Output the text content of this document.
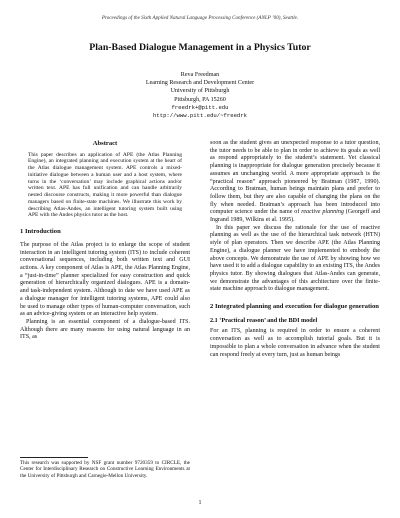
Proceedings of the Sixth Applied Natural Language Processing Conference (ANLP ’00), Seattle.
Plan-Based Dialogue Management in a Physics Tutor
Reva Freedman
Learning Research and Development Center
University of Pittsburgh
Pittsburgh, PA 15260
freedrk+@pitt.edu
http://www.pitt.edu/~freedrk
Abstract

This paper describes an application of APE (the Atlas Planning Engine), an integrated planning and execution system at the heart of the Atlas dialogue management system. APE controls a mixed-initiative dialogue between a human user and a host system, where turns in the ‘conversation’ may include graphical actions and/or written text. APE has full unification and can handle arbitrarily nested discourse constructs, making it more powerful than dialogue managers based on finite-state machines. We illustrate this work by describing Atlas-Andes, an intelligent tutoring system built using APE with the Andes physics tutor as the host.

1 Introduction

The purpose of the Atlas project is to enlarge the scope of student interaction in an intelligent tutoring system (ITS) to include coherent conversational sequences, including both written text and GUI actions. A key component of Atlas is APE, the Atlas Planning Engine, a “just-in-time” planner specialized for easy construction and quick generation of hierarchically organized dialogues. APE is a domain- and task-independent system. Although to date we have used APE as a dialogue manager for intelligent tutoring systems, APE could also be used to manage other types of human-computer conversation, such as an advice-giving system or an interactive help system.

Planning is an essential component of a dialogue-based ITS. Although there are many reasons for using natural language in an ITS, as

soon as the student gives an unexpected response to a tutor question, the tutor needs to be able to plan in order to achieve its goals as well as respond appropriately to the student’s statement. Yet classical planning is inappropriate for dialogue generation precisely because it assumes an unchanging world. A more appropriate approach is the “practical reason” approach pioneered by Bratman (1987, 1990). According to Bratman, human beings maintain plans and prefer to follow them, but they are also capable of changing the plans on the fly when needed. Bratman’s approach has been introduced into computer science under the name of reactive planning (Georgeff and Ingrand 1989, Wilkins et al. 1995).

In this paper we discuss the rationale for the use of reactive planning as well as the use of the hierarchical task network (HTN) style of plan operators. Then we describe APE (the Atlas Planning Engine), a dialogue planner we have implemented to embody the above concepts. We demonstrate the use of APE by showing how we have used it to add a dialogue capability to an existing ITS, the Andes physics tutor. By showing dialogues that Atlas-Andes can generate, we demonstrate the advantages of this architecture over the finite-state machine approach to dialogue management.

2 Integrated planning and execution for dialogue generation
2.1 ‘Practical reason’ and the BDI model

For an ITS, planning is required in order to ensure a coherent conversation as well as to accomplish tutorial goals. But it is impossible to plan a whole conversation in advance when the student can respond freely at every turn, just as human beings

This research was supported by NSF grant number 9720359 to CIRCLE, the Center for Interdisciplinary Research on Constructive Learning Environments at the University of Pittsburgh and Carnegie-Mellon University.

1
